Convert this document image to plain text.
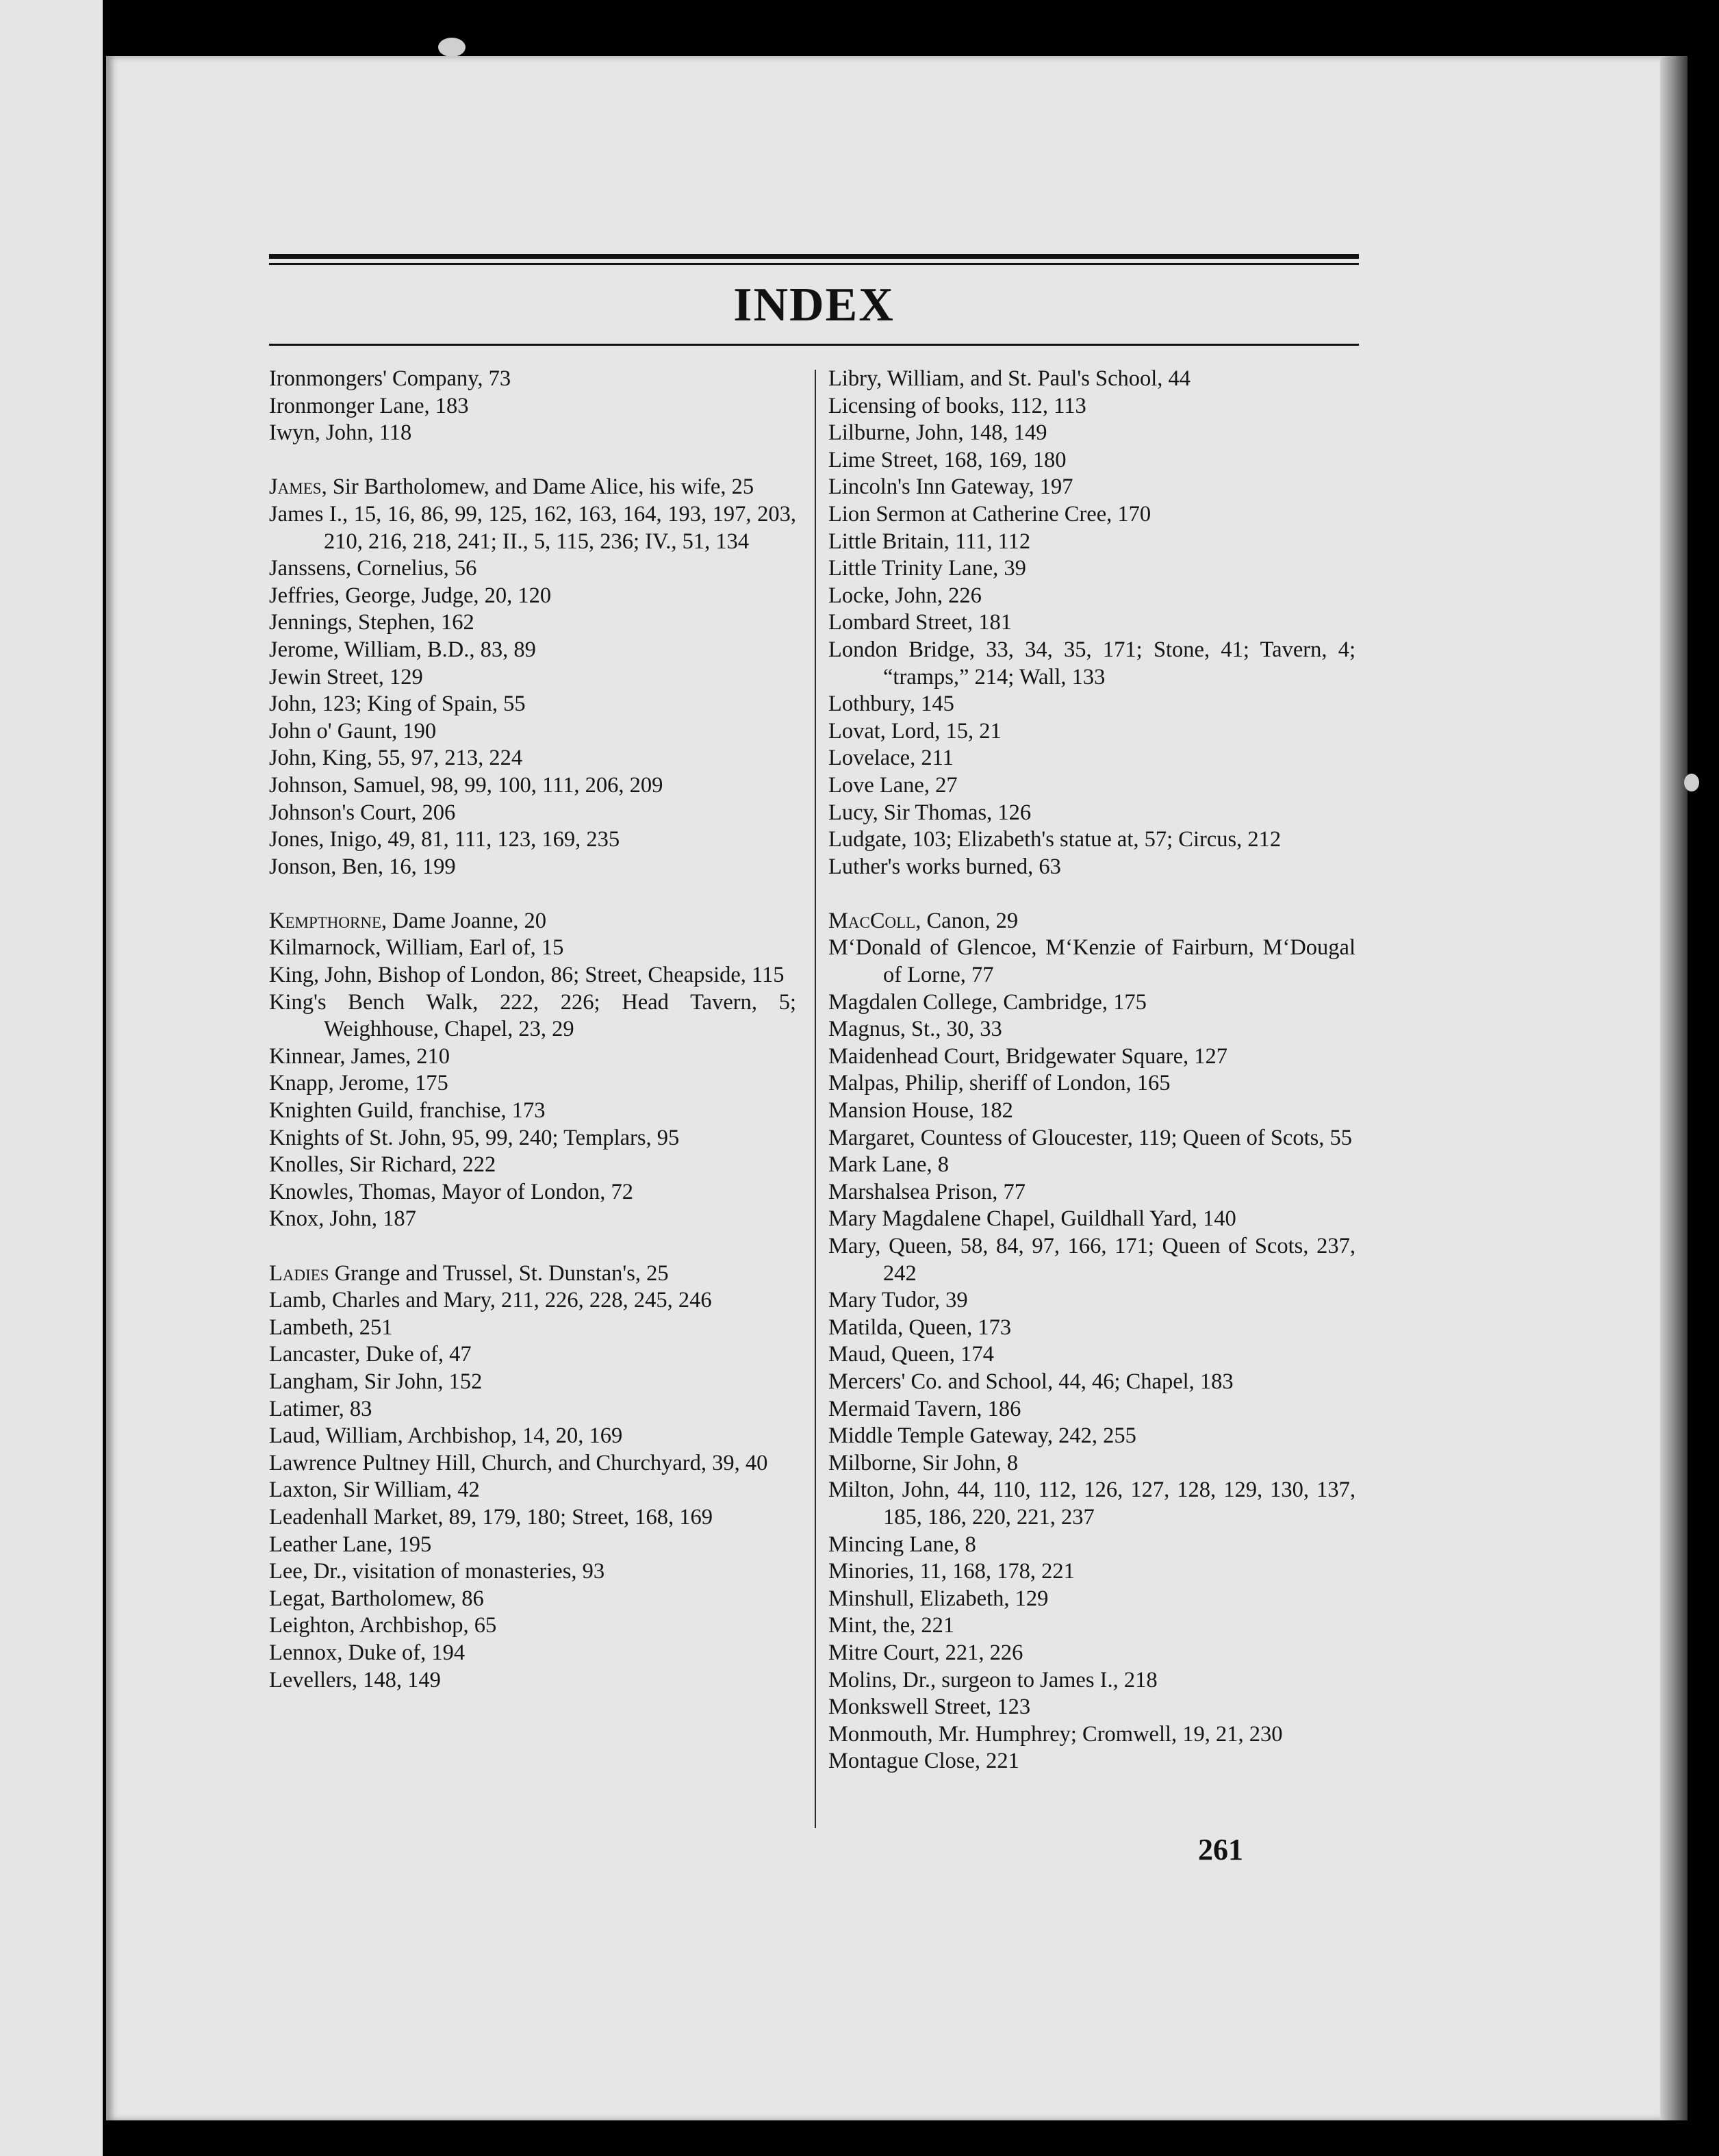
INDEX
Ironmongers' Company, 73
Ironmonger Lane, 183
Iwyn, John, 118
James, Sir Bartholomew, and Dame Alice, his wife, 25
James I., 15, 16, 86, 99, 125, 162, 163, 164, 193, 197, 203, 210, 216, 218, 241; II., 5, 115, 236; IV., 51, 134
Janssens, Cornelius, 56
Jeffries, George, Judge, 20, 120
Jennings, Stephen, 162
Jerome, William, B.D., 83, 89
Jewin Street, 129
John, 123; King of Spain, 55
John o' Gaunt, 190
John, King, 55, 97, 213, 224
Johnson, Samuel, 98, 99, 100, 111, 206, 209
Johnson's Court, 206
Jones, Inigo, 49, 81, 111, 123, 169, 235
Jonson, Ben, 16, 199
Kempthorne, Dame Joanne, 20
Kilmarnock, William, Earl of, 15
King, John, Bishop of London, 86; Street, Cheapside, 115
King's Bench Walk, 222, 226; Head Tavern, 5; Weighhouse, Chapel, 23, 29
Kinnear, James, 210
Knapp, Jerome, 175
Knighten Guild, franchise, 173
Knights of St. John, 95, 99, 240; Templars, 95
Knolles, Sir Richard, 222
Knowles, Thomas, Mayor of London, 72
Knox, John, 187
Ladies Grange and Trussel, St. Dunstan's, 25
Lamb, Charles and Mary, 211, 226, 228, 245, 246
Lambeth, 251
Lancaster, Duke of, 47
Langham, Sir John, 152
Latimer, 83
Laud, William, Archbishop, 14, 20, 169
Lawrence Pultney Hill, Church, and Churchyard, 39, 40
Laxton, Sir William, 42
Leadenhall Market, 89, 179, 180; Street, 168, 169
Leather Lane, 195
Lee, Dr., visitation of monasteries, 93
Legat, Bartholomew, 86
Leighton, Archbishop, 65
Lennox, Duke of, 194
Levellers, 148, 149
Libry, William, and St. Paul's School, 44
Licensing of books, 112, 113
Lilburne, John, 148, 149
Lime Street, 168, 169, 180
Lincoln's Inn Gateway, 197
Lion Sermon at Catherine Cree, 170
Little Britain, 111, 112
Little Trinity Lane, 39
Locke, John, 226
Lombard Street, 181
London Bridge, 33, 34, 35, 171; Stone, 41; Tavern, 4; “tramps,” 214; Wall, 133
Lothbury, 145
Lovat, Lord, 15, 21
Lovelace, 211
Love Lane, 27
Lucy, Sir Thomas, 126
Ludgate, 103; Elizabeth's statue at, 57; Circus, 212
Luther's works burned, 63
MacColl, Canon, 29
M‘Donald of Glencoe, M‘Kenzie of Fairburn, M‘Dougal of Lorne, 77
Magdalen College, Cambridge, 175
Magnus, St., 30, 33
Maidenhead Court, Bridgewater Square, 127
Malpas, Philip, sheriff of London, 165
Mansion House, 182
Margaret, Countess of Gloucester, 119; Queen of Scots, 55
Mark Lane, 8
Marshalsea Prison, 77
Mary Magdalene Chapel, Guildhall Yard, 140
Mary, Queen, 58, 84, 97, 166, 171; Queen of Scots, 237, 242
Mary Tudor, 39
Matilda, Queen, 173
Maud, Queen, 174
Mercers' Co. and School, 44, 46; Chapel, 183
Mermaid Tavern, 186
Middle Temple Gateway, 242, 255
Milborne, Sir John, 8
Milton, John, 44, 110, 112, 126, 127, 128, 129, 130, 137, 185, 186, 220, 221, 237
Mincing Lane, 8
Minories, 11, 168, 178, 221
Minshull, Elizabeth, 129
Mint, the, 221
Mitre Court, 221, 226
Molins, Dr., surgeon to James I., 218
Monkswell Street, 123
Monmouth, Mr. Humphrey; Cromwell, 19, 21, 230
Montague Close, 221
261
